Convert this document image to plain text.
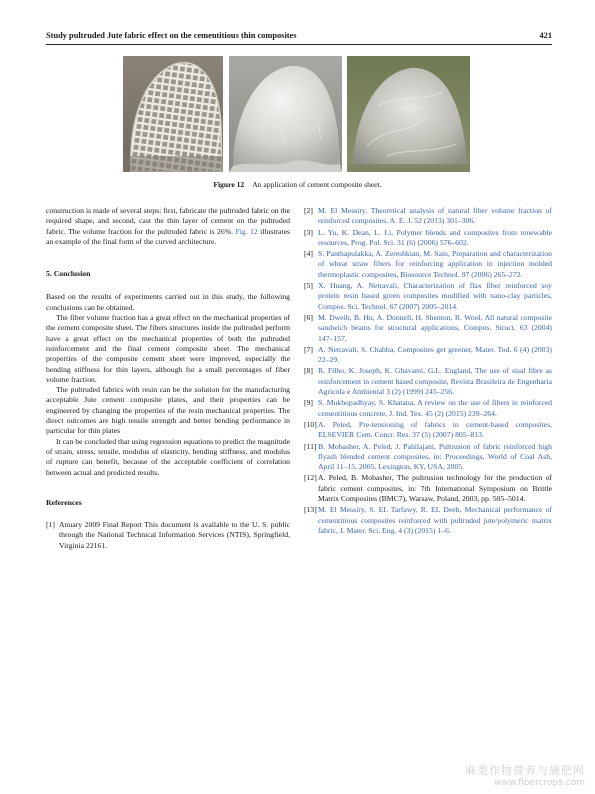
Study pultruded Jute fabric effect on the cementitious thin composites	421
Figure 12 An application of cement composite sheet.

construction is made of several steps: first, fabricate the pultruded fabric on the required shape, and second, cast the thin layer of cement on the pultruded fabric. The volume fraction for the pultruded fabric is 26%. Fig. 12 illustrates an example of the final form of the curved architecture.

5. Conclusion

Based on the results of experiments carried out in this study, the following conclusions can be obtained.

The fiber volume fraction has a great effect on the mechanical properties of the cement composite sheet. The fibers structures inside the pultruded perform have a great effect on the mechanical properties of both the pultruded reinforcement and the final cement composite sheet. The mechanical properties of the composite cement sheet were improved, especially the bending stiffness for thin layers, although for a small percentages of fiber volume fraction.

The pultruded fabrics with resin can be the solution for the manufacturing acceptable Jute cement composite plates, and their properties can be engineered by changing the properties of the resin mechanical properties. The direct outcomes are high tensile strength and better bending performance in particular for thin plates

It can be concluded that using regression equations to predict the magnitude of strain, stress, tensile, modulus of elasticity, bending stiffness, and modulus of rupture can benefit, because of the acceptable coefficient of correlation between actual and predicted results.

References
[1] Anuary 2009 Final Report This document is available to the U. S. public through the National Technical Information Services (NTIS), Springfield, Virginia 22161.
[2] M. El Messiry, Theoretical analysis of natural fiber volume fraction of reinforced composites, A. E. J. 52 (2013) 301–306.
[3] L. Yu, K. Dean, L. Li, Polymer blends and composites from renewable resources, Prog. Pol. Sci. 31 (6) (2006) 576–602.
[4] S. Panthapulakka, A. Zereshkian, M. Sain, Preparation and characterization of wheat straw fibers for reinforcing application in injection molded thermoplastic composites, Biosource Technol. 97 (2006) 265–272.
[5] X. Huang, A. Netravali, Characterization of flax fiber reinforced soy protein resin based green composites modified with nano-clay particles, Compos. Sci. Technol. 67 (2007) 2005–2014.
[6] M. Dweib, B. Hu, A. Donnell, H. Shenton, R. Wool, All natural composite sandwich beams for structural applications, Compos. Struct. 63 (2004) 147–157.
[7] A. Netravali, S. Chabba, Composites get greener, Mater. Tod. 6 (4) (2003) 22–29.
[8] R. Filho, K. Joseph, K. Ghavami, G.L. England, The use of sisal fibre as reinforcement in cement based composite, Revista Brasileira de Engenharia Agricola e Ambiental 3 (2) (1999) 245–256.
[9] S. Mukhopadhyay, S. Khatana, A review on the use of fibers in reinforced cementitious concrete, J. Ind. Tex. 45 (2) (2015) 239–264.
[10] A. Peled, Pre-tensioning of fabrics in cement-based composites, ELSEVIER Cem. Concr. Res. 37 (5) (2007) 805–813.
[11] B. Mobasher, A. Peled, J. Pahilajani, Pultrusion of fabric reinforced high flyash blended cement composites, in: Proceedings, World of Coal Ash, April 11–15, 2005, Lexington, KY, USA, 2005.
[12] A. Peled, B. Mobasher, The pultrusion technology for the production of fabric cement composites, in: 7th International Symposium on Brittle Matrix Composites (BMC7), Warsaw, Poland, 2003, pp. 505–5014.
[13] M. El Messiry, S. EL Tarfawy, R. EL Deeb, Mechanical performance of cementitious composites reinforced with pultruded jute/polymeric matrix fabric, J. Mater. Sci. Eng. 4 (3) (2015) 1–6.
麻类作物营养与施肥网
www.fibercrops.com
